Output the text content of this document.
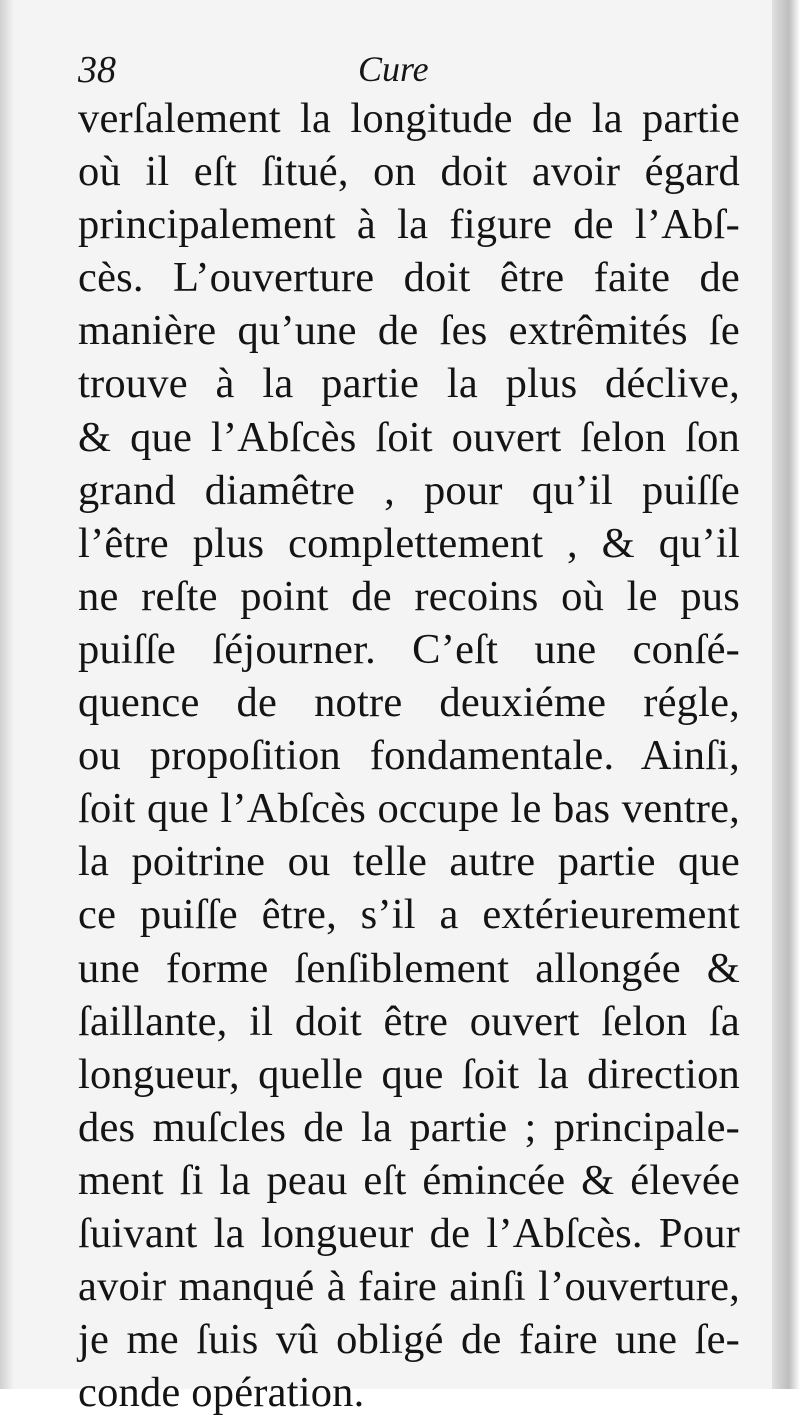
38	Cure
verſalement la longitude de la partie
où il eſt ſitué, on doit avoir égard
principalement à la figure de l’Abſ-
cès. L’ouverture doit être faite de
manière qu’une de ſes extrêmités ſe
trouve à la partie la plus déclive,
& que l’Abſcès ſoit ouvert ſelon ſon
grand diamêtre , pour qu’il puiſſe
l’être plus complettement , & qu’il
ne reſte point de recoins où le pus
puiſſe ſéjourner. C’eſt une conſé-
quence de notre deuxiéme régle,
ou propoſition fondamentale. Ainſi,
ſoit que l’Abſcès occupe le bas ventre,
la poitrine ou telle autre partie que
ce puiſſe être, s’il a extérieurement
une forme ſenſiblement allongée &
ſaillante, il doit être ouvert ſelon ſa
longueur, quelle que ſoit la direction
des muſcles de la partie ; principale-
ment ſi la peau eſt émincée & élevée
ſuivant la longueur de l’Abſcès. Pour
avoir manqué à faire ainſi l’ouverture,
je me ſuis vû obligé de faire une ſe-
conde opération.
